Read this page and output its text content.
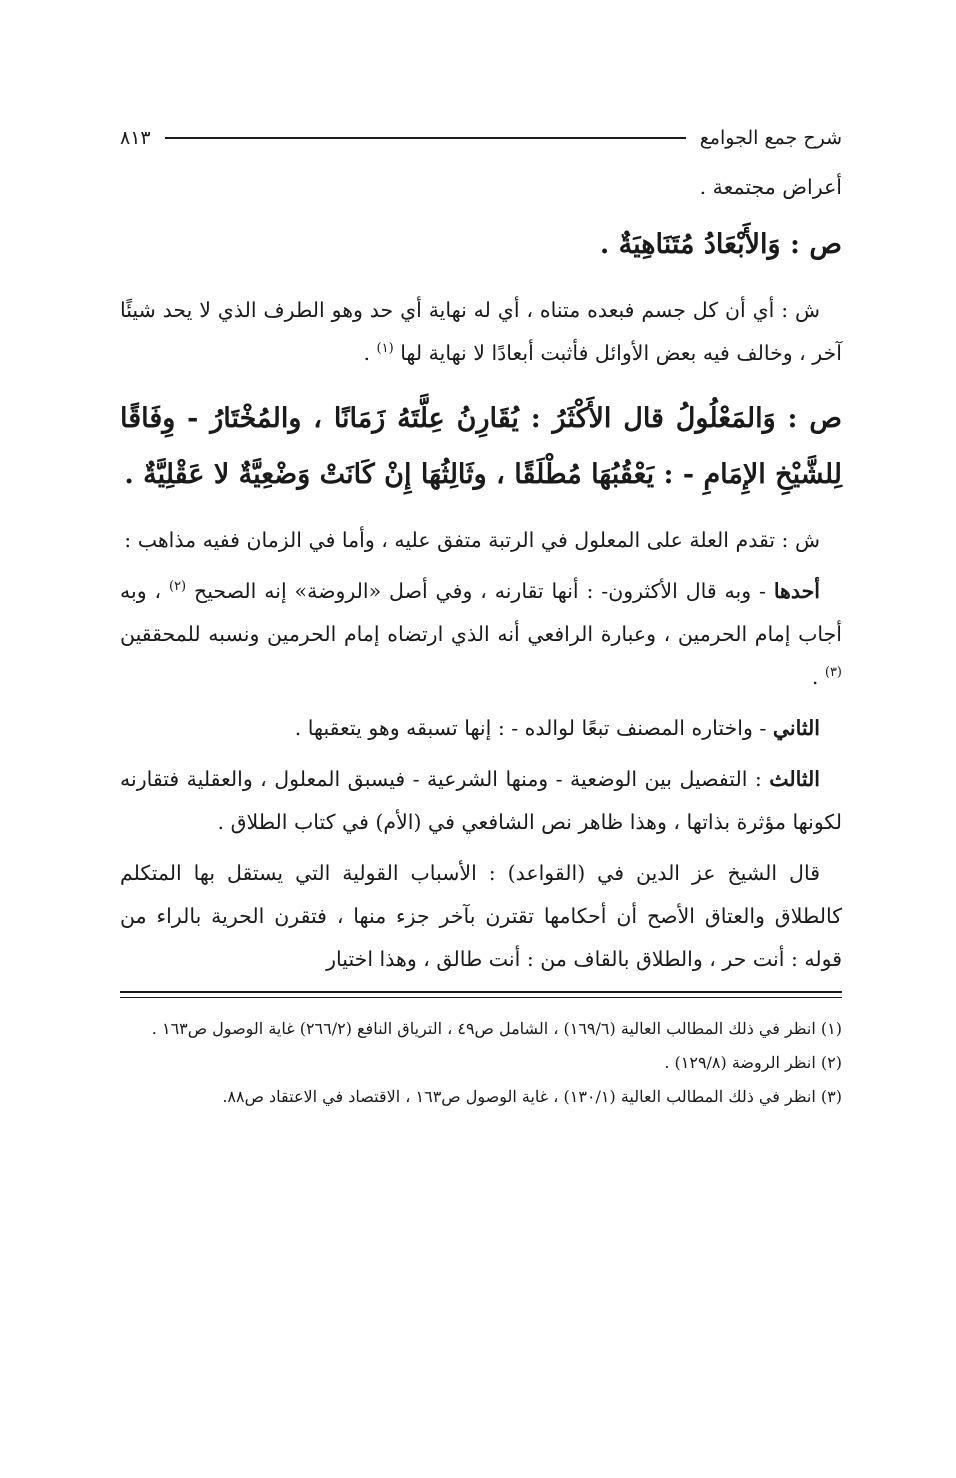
شرح جمع الجوامع
٨١٣

أعراض مجتمعة .

ص : وَالأَبْعَادُ مُتَنَاهِيَةٌ .

ش : أي أن كل جسم فبعده متناه ، أي له نهاية أي حد وهو الطرف الذي لا يحد شيئًا آخر ، وخالف فيه بعض الأوائل فأثبت أبعادًا لا نهاية لها $^{(١)}$ .

ص : وَالمَعْلُولُ قال الأَكْثَرُ : يُقَارِنُ عِلَّتَهُ زَمَانًا ، والمُخْتَارُ - وِفَاقًا لِلشَّيْخِ الإِمَامِ - : يَعْقُبُهَا مُطْلَقًا ، وثَالِثُهَا إِنْ كَانَتْ وَضْعِيَّةٌ لا عَقْلِيَّةٌ .

ش : تقدم العلة على المعلول في الرتبة متفق عليه ، وأما في الزمان ففيه مذاهب :

أحدها - وبه قال الأكثرون- : أنها تقارنه ، وفي أصل «الروضة» إنه الصحيح $^{(٢)}$ ، وبه أجاب إمام الحرمين ، وعبارة الرافعي أنه الذي ارتضاه إمام الحرمين ونسبه للمحققين $^{(٣)}$ .

الثاني - واختاره المصنف تبعًا لوالده - : إنها تسبقه وهو يتعقبها .

الثالث : التفصيل بين الوضعية - ومنها الشرعية - فيسبق المعلول ، والعقلية فتقارنه لكونها مؤثرة بذاتها ، وهذا ظاهر نص الشافعي في (الأم) في كتاب الطلاق .

قال الشيخ عز الدين في (القواعد) : الأسباب القولية التي يستقل بها المتكلم كالطلاق والعتاق الأصح أن أحكامها تقترن بآخر جزء منها ، فتقرن الحرية بالراء من قوله : أنت حر ، والطلاق بالقاف من : أنت طالق ، وهذا اختيار

(١) انظر في ذلك المطالب العالية (١٦٩/٦) ، الشامل ص٤٩ ، الترياق النافع (٢٦٦/٢) غاية الوصول ص١٦٣ .

(٢) انظر الروضة (١٢٩/٨) .

(٣) انظر في ذلك المطالب العالية (١٣٠/١) ، غاية الوصول ص١٦٣ ، الاقتصاد في الاعتقاد ص٨٨.
